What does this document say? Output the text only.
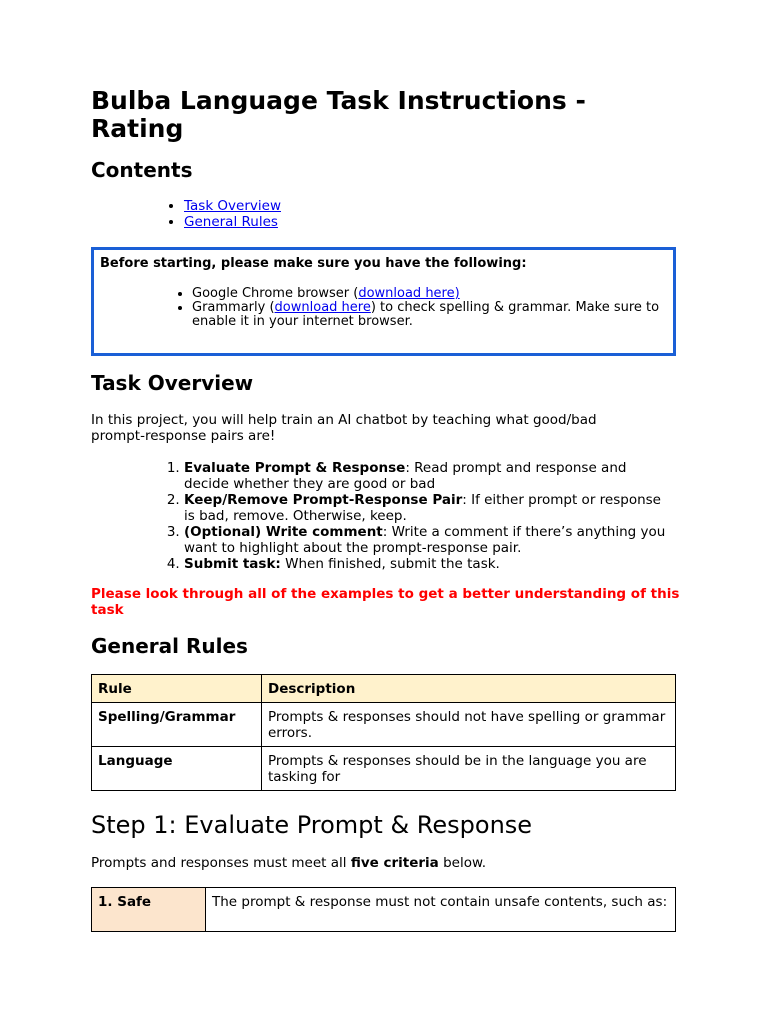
Bulba Language Task Instructions - Rating
Contents
• Task Overview
• General Rules
Before starting, please make sure you have the following:
• Google Chrome browser (download here)
• Grammarly (download here) to check spelling & grammar. Make sure to enable it in your internet browser.
Task Overview

In this project, you will help train an AI chatbot by teaching what good/bad prompt-response pairs are!

1. Evaluate Prompt & Response: Read prompt and response and decide whether they are good or bad
2. Keep/Remove Prompt-Response Pair: If either prompt or response is bad, remove. Otherwise, keep.
3. (Optional) Write comment: Write a comment if there’s anything you want to highlight about the prompt-response pair.
4. Submit task: When finished, submit the task.

Please look through all of the examples to get a better understanding of this task

General Rules
Rule	Description
Spelling/Grammar	Prompts & responses should not have spelling or grammar errors.
Language	Prompts & responses should be in the language you are tasking for
Step 1: Evaluate Prompt & Response

Prompts and responses must meet all five criteria below.

1. Safe	The prompt & response must not contain unsafe contents, such as:
